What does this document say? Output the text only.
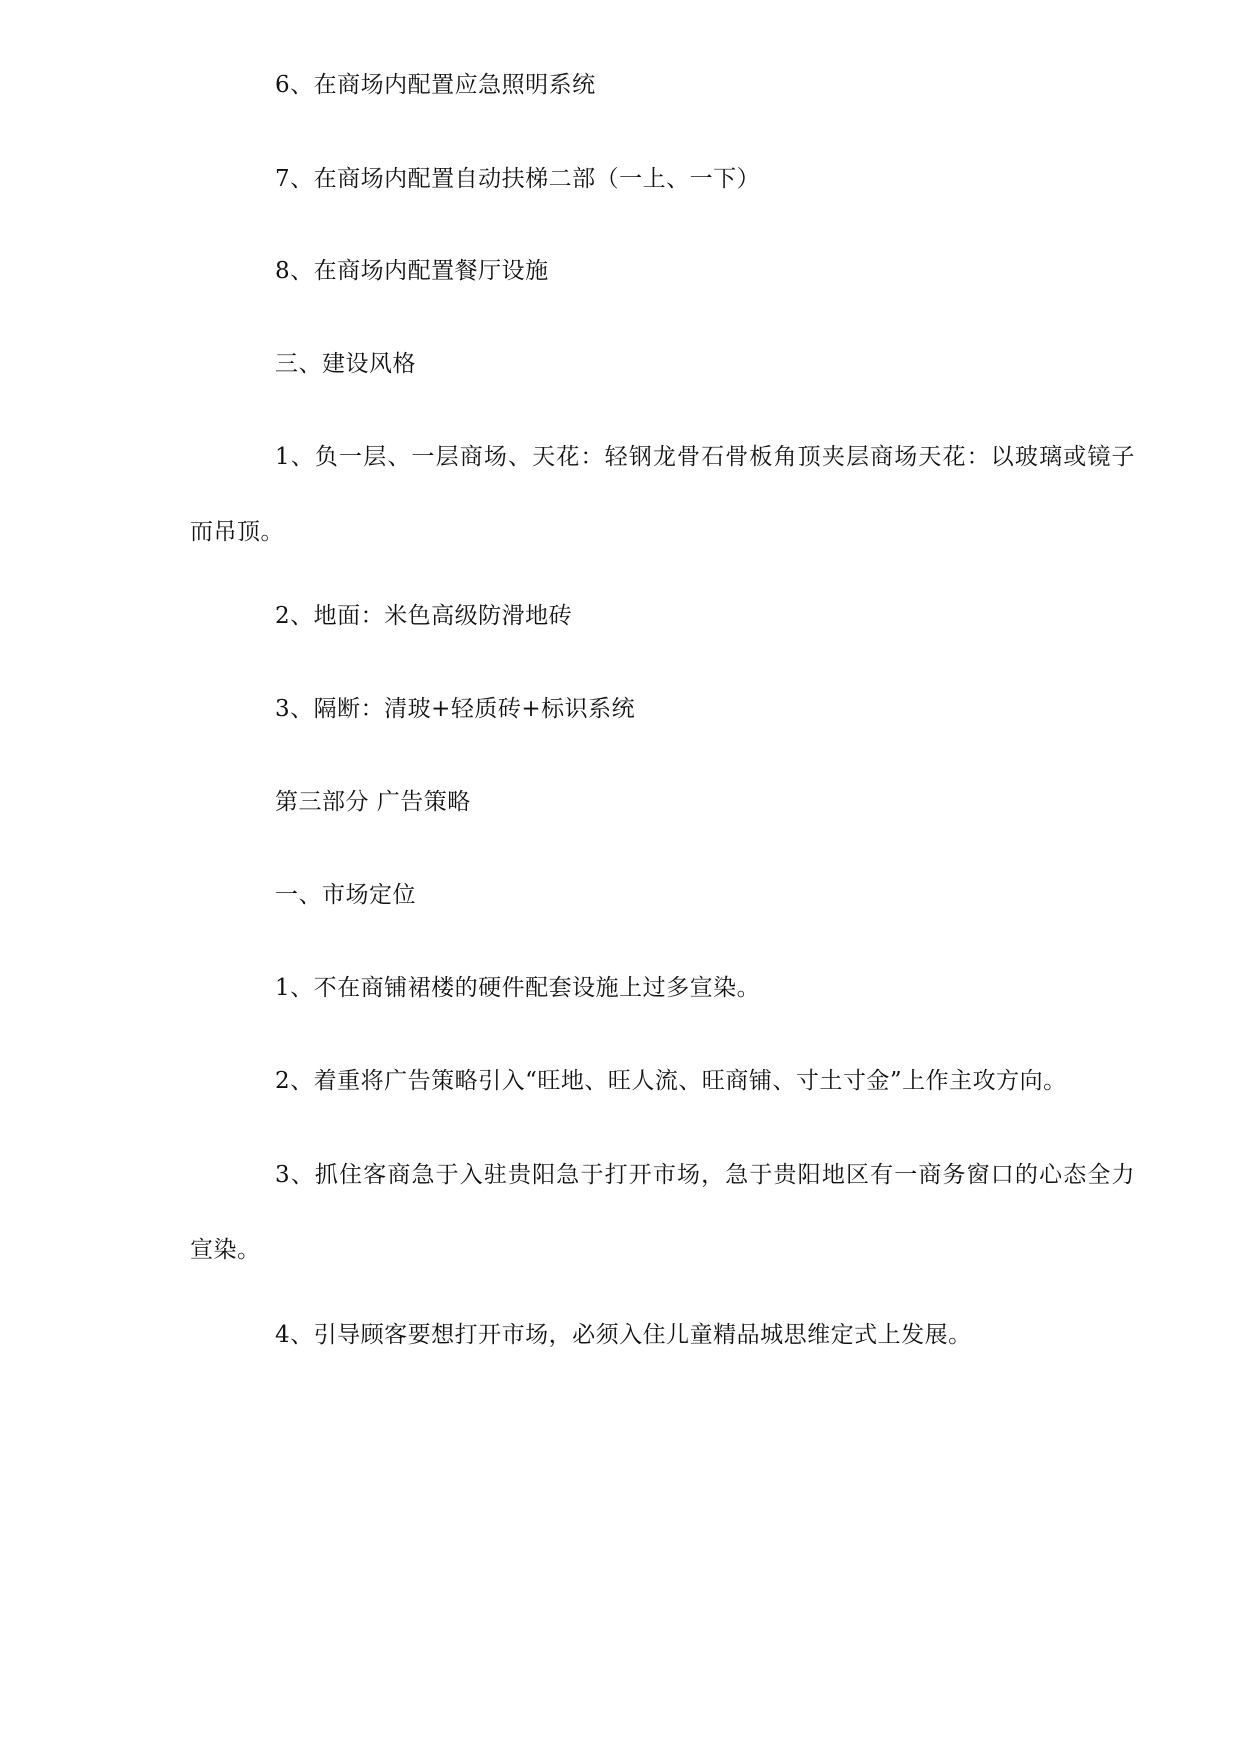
6、在商场内配置应急照明系统
7、在商场内配置自动扶梯二部（一上、一下）
8、在商场内配置餐厅设施
三、建设风格

1、负一层、一层商场、天花：轻钢龙骨石骨板角顶夹层商场天花：以玻璃或镜子而吊顶。

2、地面：米色高级防滑地砖
3、隔断：清玻+轻质砖+标识系统
第三部分 广告策略
一、市场定位
1、不在商铺裙楼的硬件配套设施上过多宣染。
2、着重将广告策略引入“旺地、旺人流、旺商铺、寸土寸金”上作主攻方向。

3、抓住客商急于入驻贵阳急于打开市场，急于贵阳地区有一商务窗口的心态全力宣染。

4、引导顾客要想打开市场，必须入住儿童精品城思维定式上发展。
